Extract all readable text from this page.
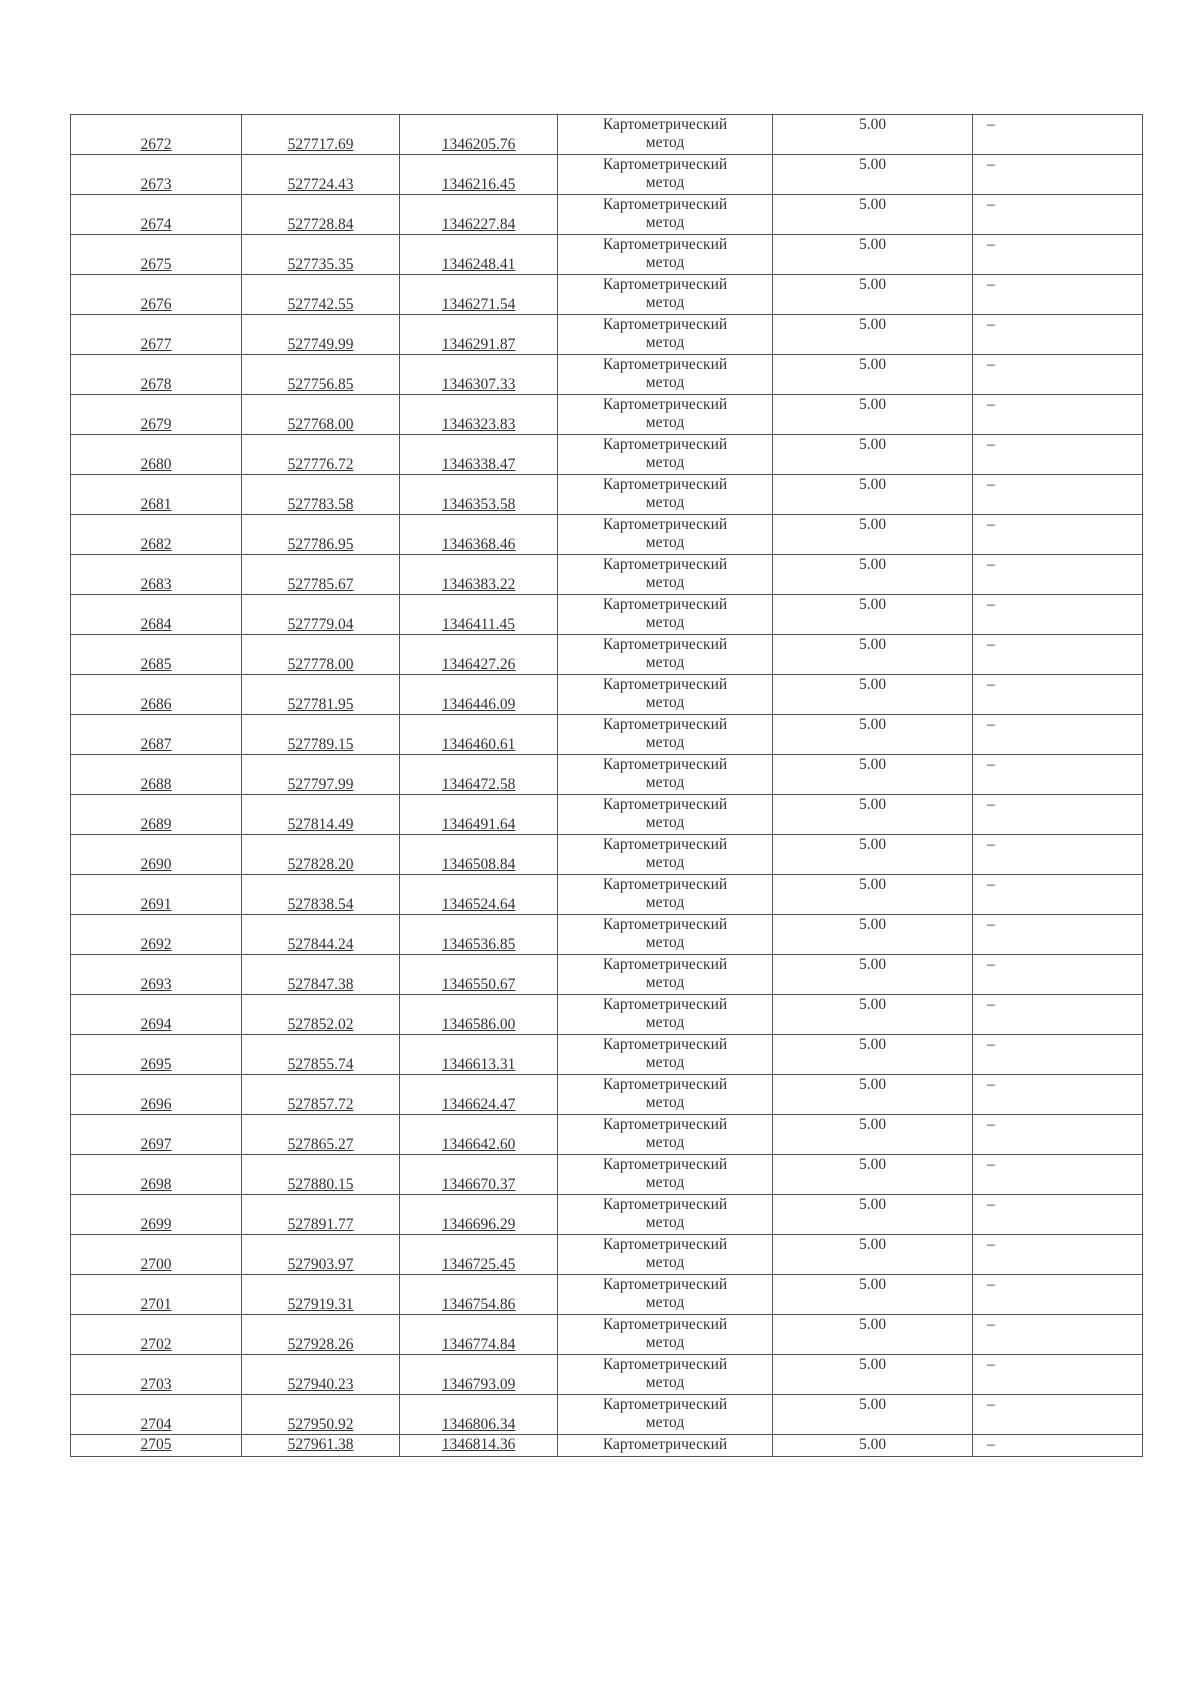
2672	527717.69	1346205.76	Картометрический
метод	5.00	–

2673	527724.43	1346216.45	Картометрический
метод	5.00	–

2674	527728.84	1346227.84	Картометрический
метод	5.00	–

2675	527735.35	1346248.41	Картометрический
метод	5.00	–

2676	527742.55	1346271.54	Картометрический
метод	5.00	–

2677	527749.99	1346291.87	Картометрический
метод	5.00	–

2678	527756.85	1346307.33	Картометрический
метод	5.00	–

2679	527768.00	1346323.83	Картометрический
метод	5.00	–

2680	527776.72	1346338.47	Картометрический
метод	5.00	–

2681	527783.58	1346353.58	Картометрический
метод	5.00	–

2682	527786.95	1346368.46	Картометрический
метод	5.00	–

2683	527785.67	1346383.22	Картометрический
метод	5.00	–

2684	527779.04	1346411.45	Картометрический
метод	5.00	–

2685	527778.00	1346427.26	Картометрический
метод	5.00	–

2686	527781.95	1346446.09	Картометрический
метод	5.00	–

2687	527789.15	1346460.61	Картометрический
метод	5.00	–

2688	527797.99	1346472.58	Картометрический
метод	5.00	–

2689	527814.49	1346491.64	Картометрический
метод	5.00	–

2690	527828.20	1346508.84	Картометрический
метод	5.00	–

2691	527838.54	1346524.64	Картометрический
метод	5.00	–

2692	527844.24	1346536.85	Картометрический
метод	5.00	–

2693	527847.38	1346550.67	Картометрический
метод	5.00	–

2694	527852.02	1346586.00	Картометрический
метод	5.00	–

2695	527855.74	1346613.31	Картометрический
метод	5.00	–

2696	527857.72	1346624.47	Картометрический
метод	5.00	–

2697	527865.27	1346642.60	Картометрический
метод	5.00	–

2698	527880.15	1346670.37	Картометрический
метод	5.00	–

2699	527891.77	1346696.29	Картометрический
метод	5.00	–

2700	527903.97	1346725.45	Картометрический
метод	5.00	–

2701	527919.31	1346754.86	Картометрический
метод	5.00	–

2702	527928.26	1346774.84	Картометрический
метод	5.00	–

2703	527940.23	1346793.09	Картометрический
метод	5.00	–

2704	527950.92	1346806.34	Картометрический
метод	5.00	–

2705	527961.38	1346814.36	Картометрический	5.00	–
